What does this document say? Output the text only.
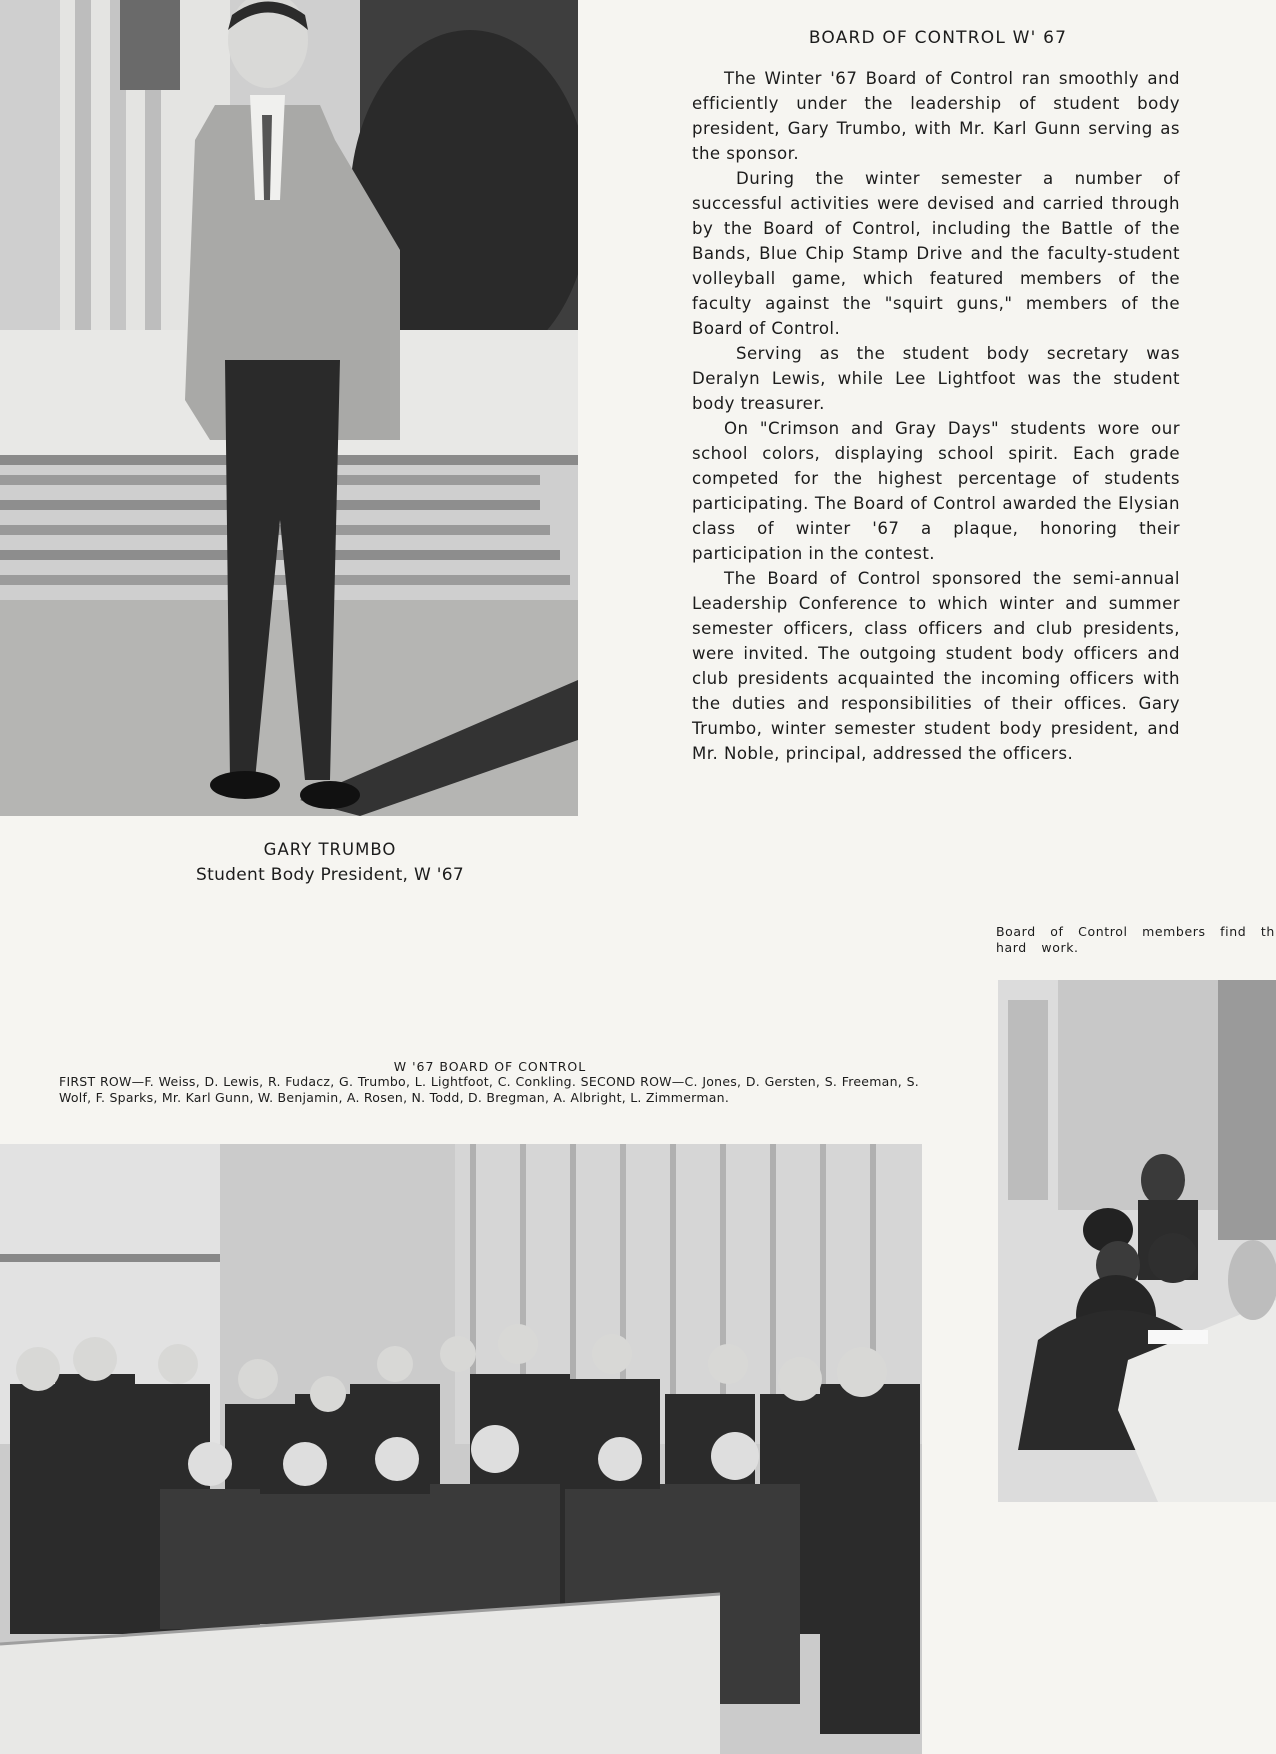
BOARD OF CONTROL W' 67

The Winter '67 Board of Control ran smoothly and efficiently under the leadership of student body president, Gary Trumbo, with Mr. Karl Gunn serving as the sponsor.

During the winter semester a number of successful activities were devised and carried through by the Board of Control, including the Battle of the Bands, Blue Chip Stamp Drive and the faculty-student volleyball game, which featured members of the faculty against the "squirt guns," members of the Board of Control.

Serving as the student body secretary was Deralyn Lewis, while Lee Lightfoot was the student body treasurer.

On "Crimson and Gray Days" students wore our school colors, displaying school spirit. Each grade competed for the highest percentage of students participating. The Board of Control awarded the Elysian class of winter '67 a plaque, honoring their participation in the contest.

The Board of Control sponsored the semi-annual Leadership Conference to which winter and summer semester officers, class officers and club presidents, were invited. The outgoing student body officers and club presidents acquainted the incoming officers with the duties and responsibilities of their offices. Gary Trumbo, winter semester student body president, and Mr. Noble, principal, addressed the officers.

GARY TRUMBO
Student Body President, W '67
Board of Control members find th
hard work.
W '67 BOARD OF CONTROL
FIRST ROW—F. Weiss, D. Lewis, R. Fudacz, G. Trumbo, L. Lightfoot, C. Conkling. SECOND ROW—C. Jones, D. Gersten, S. Freeman, S. Wolf, F. Sparks, Mr. Karl Gunn, W. Benjamin, A. Rosen, N. Todd, D. Bregman, A. Albright, L. Zimmerman.
